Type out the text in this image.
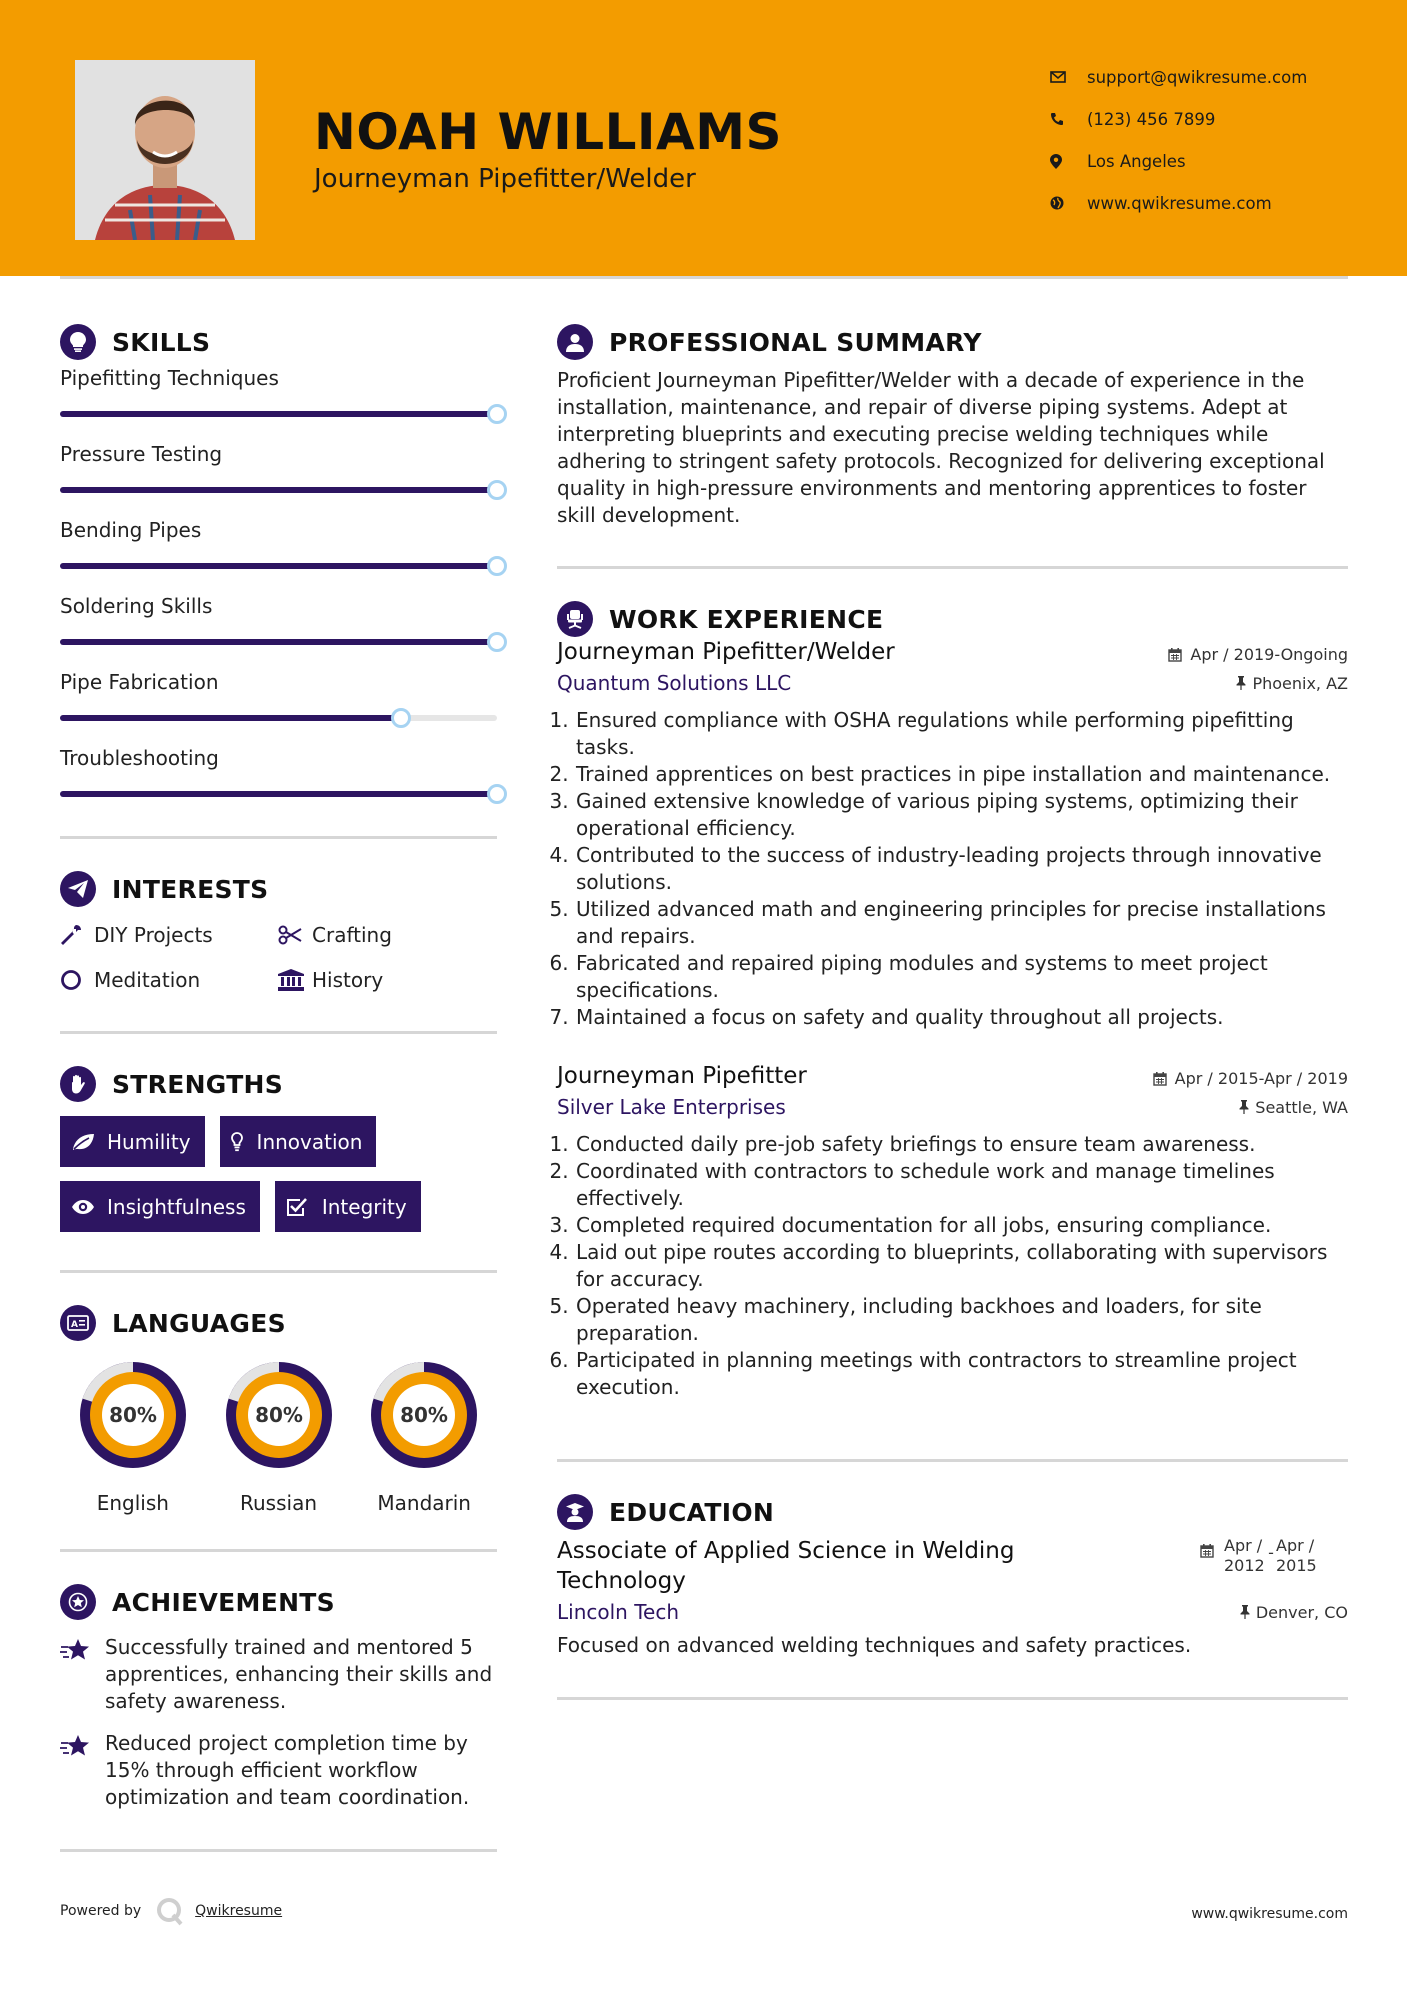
NOAH WILLIAMS
Journeyman Pipefitter/Welder
support@qwikresume.com
(123) 456 7899
Los Angeles
www.qwikresume.com
SKILLS
Pipefitting Techniques
Pressure Testing
Bending Pipes
Soldering Skills
Pipe Fabrication
Troubleshooting
INTERESTS
DIY Projects	Crafting
Meditation	History
STRENGTHS
Humility	Innovation
Insightfulness	Integrity
A LANGUAGES
80%
English
80%
Russian
80%
Mandarin
ACHIEVEMENTS
Successfully trained and mentored 5 apprentices, enhancing their skills and safety awareness.
Reduced project completion time by 15% through efficient workflow optimization and team coordination.
PROFESSIONAL SUMMARY

Proficient Journeyman Pipefitter/Welder with a decade of experience in the installation, maintenance, and repair of diverse piping systems. Adept at interpreting blueprints and executing precise welding techniques while adhering to stringent safety protocols. Recognized for delivering exceptional quality in high-pressure environments and mentoring apprentices to foster skill development.

WORK EXPERIENCE
Journeyman Pipefitter/Welder	Apr / 2019-Ongoing
Quantum Solutions LLC	Phoenix, AZ
1. Ensured compliance with OSHA regulations while performing pipefitting tasks.
2. Trained apprentices on best practices in pipe installation and maintenance.
3. Gained extensive knowledge of various piping systems, optimizing their operational efficiency.
4. Contributed to the success of industry-leading projects through innovative solutions.
5. Utilized advanced math and engineering principles for precise installations and repairs.
6. Fabricated and repaired piping modules and systems to meet project specifications.
7. Maintained a focus on safety and quality throughout all projects.
Journeyman Pipefitter	Apr / 2015-Apr / 2019
Silver Lake Enterprises	Seattle, WA
1. Conducted daily pre-job safety briefings to ensure team awareness.
2. Coordinated with contractors to schedule work and manage timelines effectively.
3. Completed required documentation for all jobs, ensuring compliance.
4. Laid out pipe routes according to blueprints, collaborating with supervisors for accuracy.
5. Operated heavy machinery, including backhoes and loaders, for site preparation.
6. Participated in planning meetings with contractors to streamline project execution.
EDUCATION
Associate of Applied Science in Welding Technology
Apr / 2012
- Apr / 2015
Lincoln Tech	Denver, CO
Focused on advanced welding techniques and safety practices.
Powered by	Qwikresume	www.qwikresume.com
